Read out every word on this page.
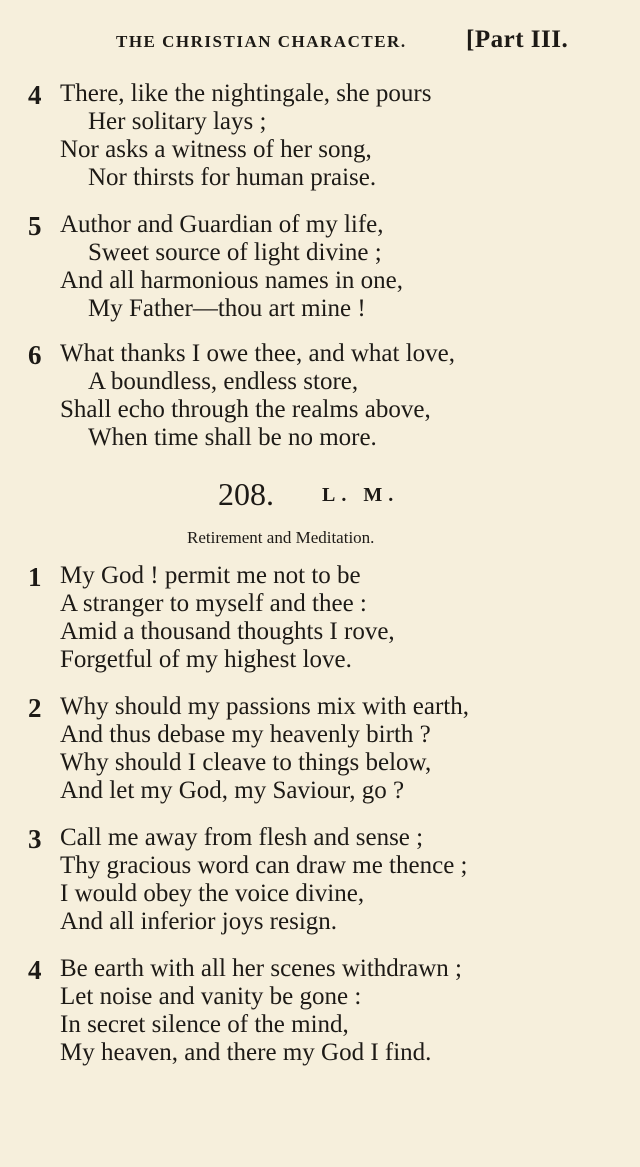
THE CHRISTIAN CHARACTER. [Part III.
4 There, like the nightingale, she pours
Her solitary lays ;
Nor asks a witness of her song,
Nor thirsts for human praise.
5 Author and Guardian of my life,
Sweet source of light divine ;
And all harmonious names in one,
My Father—thou art mine !
6 What thanks I owe thee, and what love,
A boundless, endless store,
Shall echo through the realms above,
When time shall be no more.
208. L. M.
Retirement and Meditation.
1 My God ! permit me not to be
A stranger to myself and thee :
Amid a thousand thoughts I rove,
Forgetful of my highest love.
2 Why should my passions mix with earth,
And thus debase my heavenly birth ?
Why should I cleave to things below,
And let my God, my Saviour, go ?
3 Call me away from flesh and sense ;
Thy gracious word can draw me thence ;
I would obey the voice divine,
And all inferior joys resign.
4 Be earth with all her scenes withdrawn ;
Let noise and vanity be gone :
In secret silence of the mind,
My heaven, and there my God I find.
